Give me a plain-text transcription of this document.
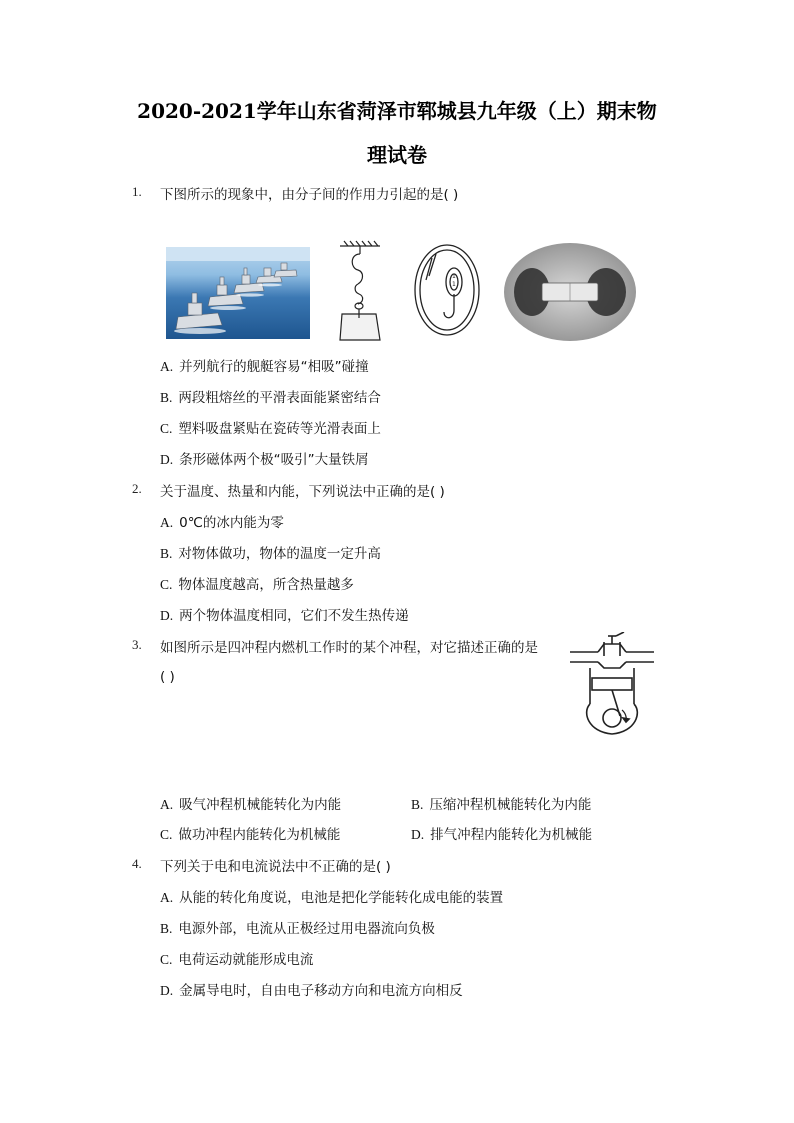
2020-2021学年山东省菏泽市郓城县九年级（上）期末物
理试卷
1. 下图所示的现象中，由分子间的作用力引起的是( )
1
1
A. 并列航行的舰艇容易“相吸”碰撞
B. 两段粗熔丝的平滑表面能紧密结合
C. 塑料吸盘紧贴在瓷砖等光滑表面上
D. 条形磁体两个极“吸引”大量铁屑
2. 关于温度、热量和内能，下列说法中正确的是( )
A. 0℃的冰内能为零
B. 对物体做功，物体的温度一定升高
C. 物体温度越高，所含热量越多
D. 两个物体温度相同，它们不发生热传递
3. 如图所示是四冲程内燃机工作时的某个冲程，对它描述正确的是
( )
A. 吸气冲程机械能转化为内能	B. 压缩冲程机械能转化为内能
C. 做功冲程内能转化为机械能	D. 排气冲程内能转化为机械能
4. 下列关于电和电流说法中不正确的是( )
A. 从能的转化角度说，电池是把化学能转化成电能的装置
B. 电源外部，电流从正极经过用电器流向负极
C. 电荷运动就能形成电流
D. 金属导电时，自由电子移动方向和电流方向相反
